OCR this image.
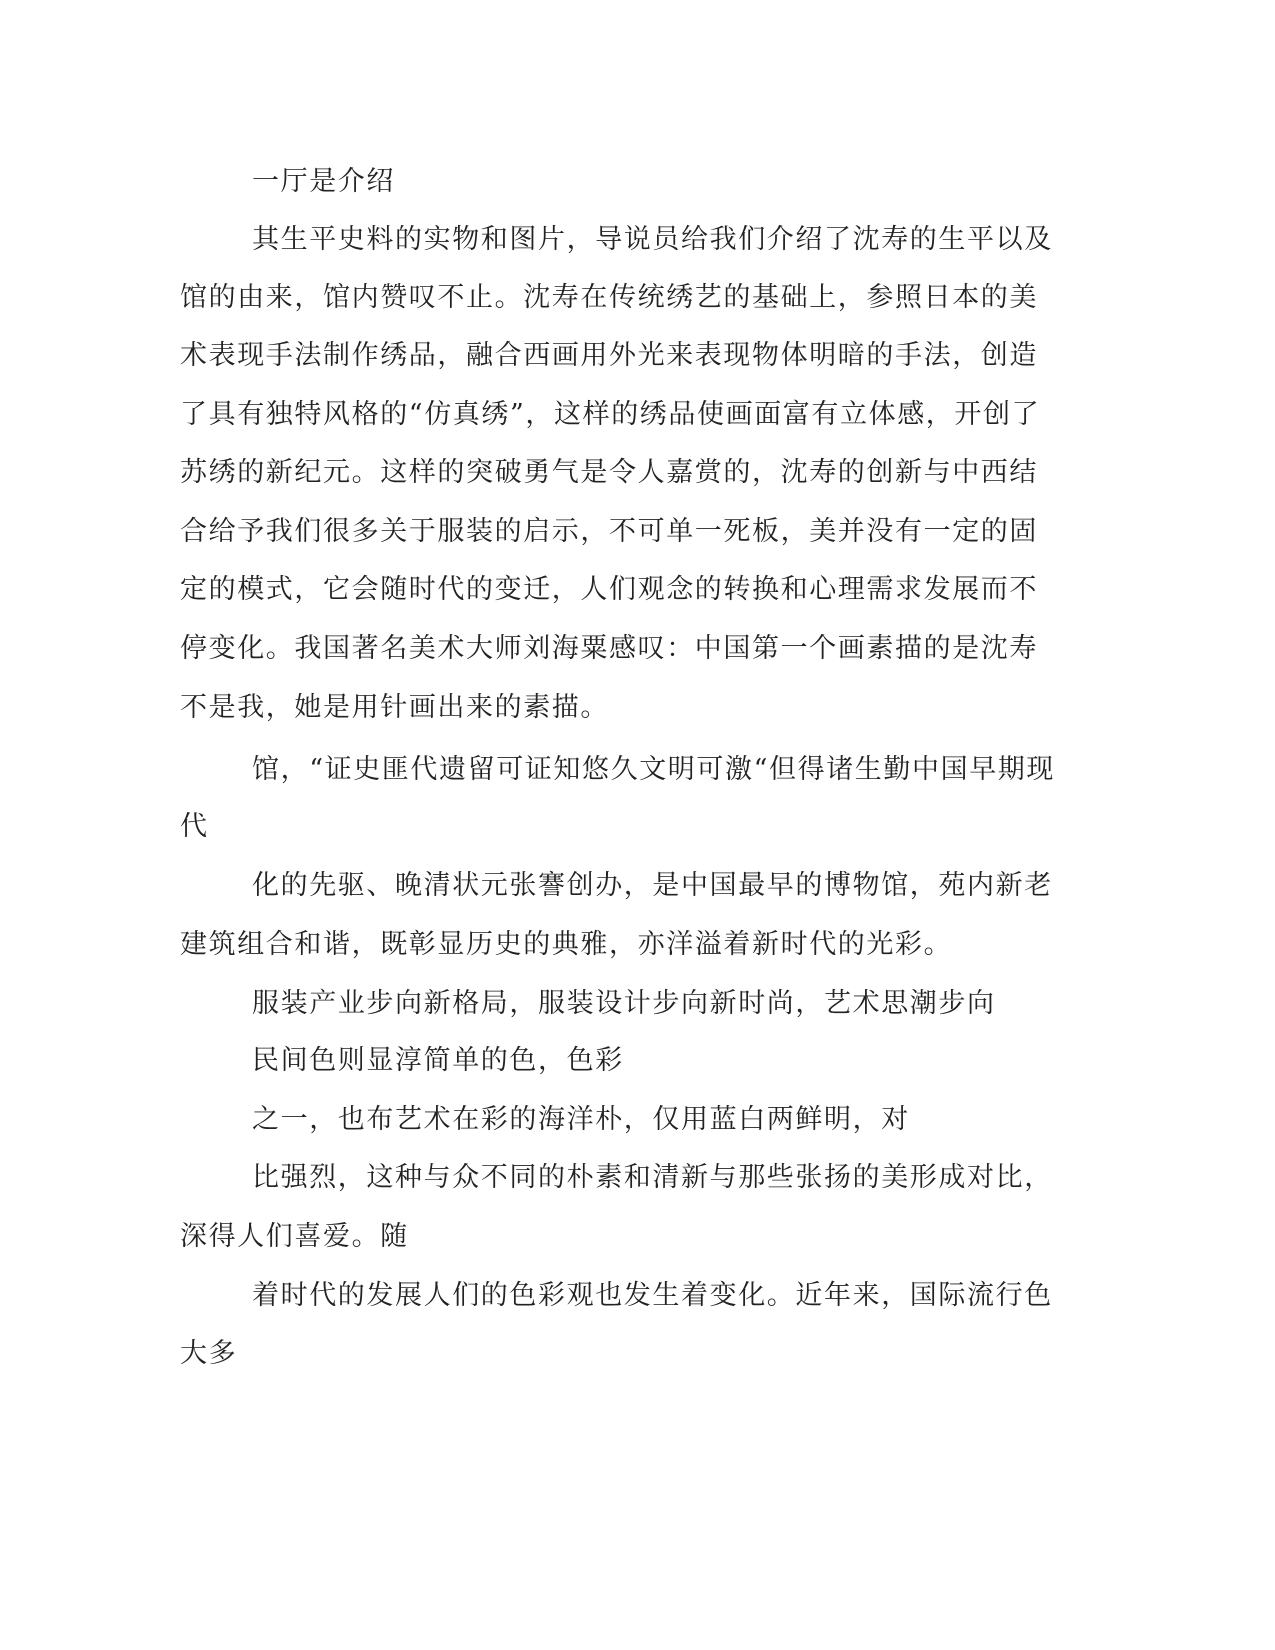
一厅是介绍
其生平史料的实物和图片，导说员给我们介绍了沈寿的生平以及
馆的由来，馆内赞叹不止。沈寿在传统绣艺的基础上，参照日本的美
术表现手法制作绣品，融合西画用外光来表现物体明暗的手法，创造
了具有独特风格的“仿真绣”，这样的绣品使画面富有立体感，开创了
苏绣的新纪元。这样的突破勇气是令人嘉赏的，沈寿的创新与中西结
合给予我们很多关于服装的启示，不可单一死板，美并没有一定的固
定的模式，它会随时代的变迁，人们观念的转换和心理需求发展而不
停变化。我国著名美术大师刘海粟感叹：中国第一个画素描的是沈寿
不是我，她是用针画出来的素描。
馆，“证史匪代遗留可证知悠久文明可激“但得诸生勤中国早期现
代
化的先驱、晚清状元张謇创办，是中国最早的博物馆，苑内新老
建筑组合和谐，既彰显历史的典雅，亦洋溢着新时代的光彩。
服装产业步向新格局，服装设计步向新时尚，艺术思潮步向
民间色则显淳简单的色，色彩
之一，也布艺术在彩的海洋朴，仅用蓝白两鲜明，对
比强烈，这种与众不同的朴素和清新与那些张扬的美形成对比，
深得人们喜爱。随
着时代的发展人们的色彩观也发生着变化。近年来，国际流行色
大多
